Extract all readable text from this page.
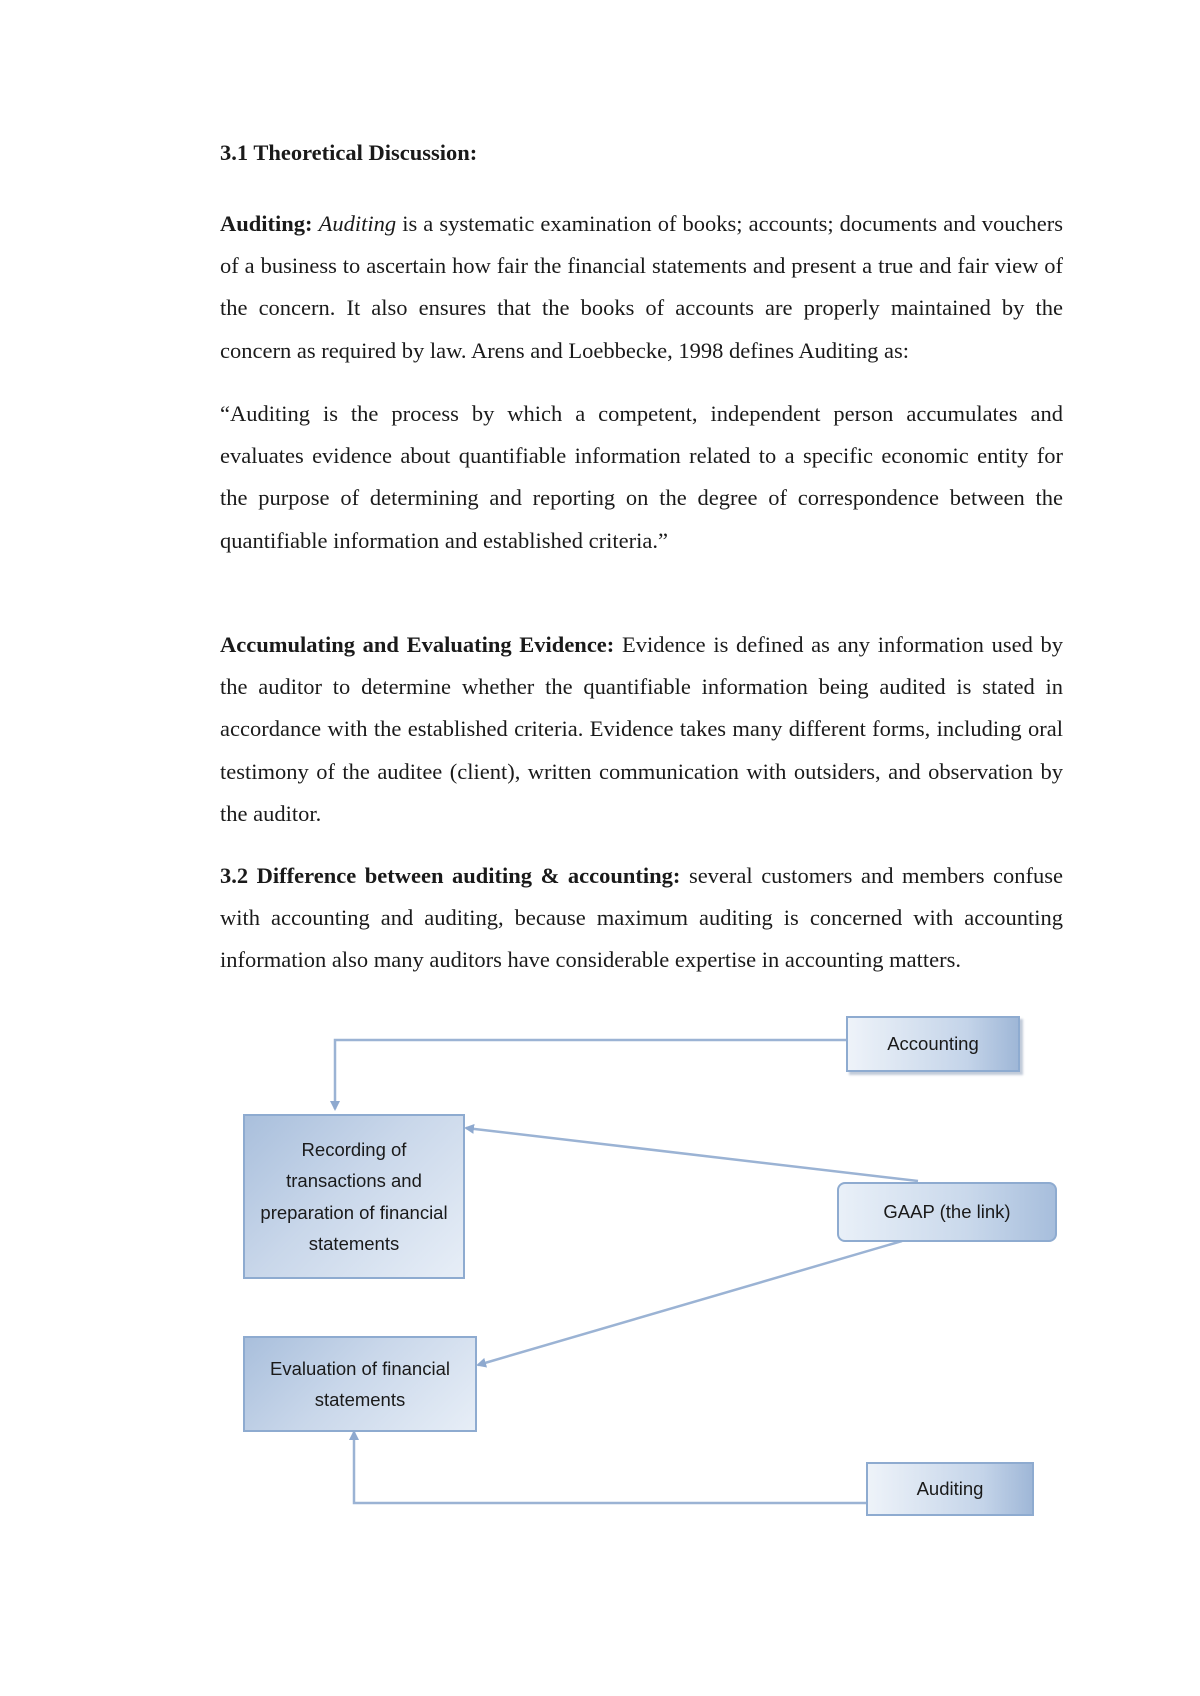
3.1 Theoretical Discussion:

Auditing: Auditing is a systematic examination of books; accounts; documents and vouchers of a business to ascertain how fair the financial statements and present a true and fair view of the concern. It also ensures that the books of accounts are properly maintained by the concern as required by law. Arens and Loebbecke, 1998 defines Auditing as:

“Auditing is the process by which a competent, independent person accumulates and evaluates evidence about quantifiable information related to a specific economic entity for the purpose of determining and reporting on the degree of correspondence between the quantifiable information and established criteria.”

Accumulating and Evaluating Evidence: Evidence is defined as any information used by the auditor to determine whether the quantifiable information being audited is stated in accordance with the established criteria. Evidence takes many different forms, including oral testimony of the auditee (client), written communication with outsiders, and observation by the auditor.

3.2 Difference between auditing & accounting: several customers and members confuse with accounting and auditing, because maximum auditing is concerned with accounting information also many auditors have considerable expertise in accounting matters.

Accounting
Recording of transactions and preparation of financial statements
GAAP (the link)
Evaluation of financial statements
Auditing
